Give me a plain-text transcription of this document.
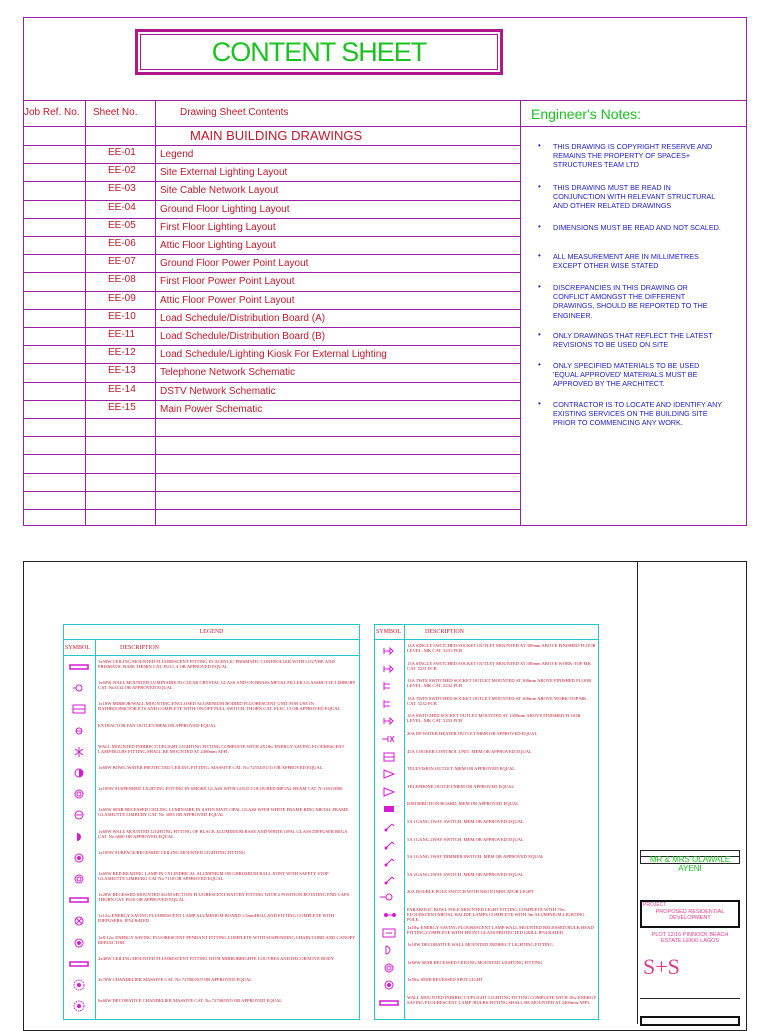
CONTENT SHEET
Job Ref. No.	Sheet No.	Drawing Sheet Contents
MAIN BUILDING DRAWINGS
EE-01 Legend
EE-02 Site External Lighting Layout
EE-03 Site Cable Network Layout
EE-04 Ground Floor Lighting Layout
EE-05 First Floor Lighting Layout
EE-06 Attic Floor Lighting Layout
EE-07 Ground Floor Power Point Layout
EE-08 First Floor Power Point Layout
EE-09 Attic Floor Power Point Layout
EE-10 Load Schedule/Distribution Board (A)
EE-11 Load Schedule/Distribution Board (B)
EE-12 Load Schedule/Lighting Kiosk For External Lighting
EE-13 Telephone Network Schematic
EE-14 DSTV Network Schematic
EE-15 Main Power Schematic
Engineer's Notes:
• THIS DRAWING IS COPYRIGHT RESERVE AND REMAINS THE PROPERTY OF SPACES+ STRUCTURES TEAM LTD
• THIS DRAWING MUST BE READ IN CONJUNCTION WITH RELEVANT STRUCTURAL AND OTHER RELATED DRAWINGS
• DIMENSIONS MUST BE READ AND NOT SCALED.
• ALL MEASUREMENT ARE IN MILLIMETRES EXCEPT OTHER WISE STATED
• DISCREPANCIES IN THIS DRAWING OR CONFLICT AMONGST THE DIFFERENT DRAWINGS, SHOULD BE REPORTED TO THE ENGINEER.
• ONLY DRAWINGS THAT REFLECT THE LATEST REVISIONS TO BE USED ON SITE
• ONLY SPECIFIED MATERIALS TO BE USED 'EQUAL APPROVED' MATERIALS MUST BE APPROVED BY THE ARCHITECT.
• CONTRACTOR IS TO LOCATE AND IDENTIFY ANY EXISTING SERVICES ON THE BUILDING SITE PRIOR TO COMMENCING ANY WORK.
LEGEND
SYMBOL	DESCRIPTION
SYMBOL	DESCRIPTION
1x58W CEILING MOUNTED FLUORESCENT FITTING IN ACRYLIC PRISMATIC CONTROLLER WITH LOUVRE AND PRISMATIC BASE THORN CAT. FULL 4 OR APPROVED EQUAL
1x60W WALL MOUNTED LUMINAIRE IN CLEAR CRYSTAL GLASS AND ON BRASS METAL FILLER GLASSHUTTE LIMBURY CAT. No3132 OR APPROVED EQUAL
1x18W MIRROR/WALL MOUNTING ENCLOSED ALUMINIUM BODIED FLUORESCENT UNIT FOR USE IN BATHROOMS/TOILETS AND COMPLETE WITH ON/OFF PULL SWITCH. THORN CAT. FLEC 13 OR APPROVED EQUAL
EXTRACTOR FAN OUTLET/MEM OR APPROVED EQUAL
WALL MOUNTED INDIRECT/UPLIGHT LIGHTING FITTING COMPLETE WITH 2X18w ENERGY SAVING FLOURESCENT LAMP/BULBS FITTING,SHALL BE MOUNTED AT 2400mm AFFL
1x60W BOWL/WATER PROTECTED CEILING FITTING. MASSIVE CAT. No 72554/01/31 OR APPROVED EQUAL
1x100W SUSPENDED LIGHTING FITTING IN SMOKE GLASS WITH GOLD COLOURED METAL BEAM CAT. N-1163.0000
1x60W SEMI-RECESSED CEILING LUMINAIRE IN SATIN MATT OPAL GLASS WITH WHITE FRAME RING METAL FRAME. GLASHUTTE LIMBURY CAT. No 3083 OR APPROVED EQUAL
1x60W WALL MOUNTED LIGHTING FITTING OF BLACK ALUMINIUM BASE AND WHITE OPAL GLASS DIFFUSER REGA CAT. No 6600 OR APPROVED EQUAL
1x100W SURFACE/RECESSED CEILING MOUNTED LIGHTING FITTING
1x60W BED READING LAMP IN CYLINDRICAL ALUMINIUM OR CHROMIUM BALL JOINT WITH SAFETY STOP GLASHUTTE LIMBURG CAT No 7118 OR APPROVED EQUAL
1x20W RECESSED MOUNTED SLIM SECTION FLUORESCENT BATTEN FITTING WITH 2 POSITION ROTATING END CAPS THORN CAT. FS10 OR APPROVED EQUAL
1x12w ENERGY SAVING FLUORESCENT LAMP ALUMINIUM BOARD 1.5mmHOLLAND FITTING COMPLETE WITH DIFFUSERS, IP54 RATED
1x8/12w ENERGY SAVING FLUORESCENT PENDANT FITTING COMPLETE WITH SUSPENDING CHAIN/CORD AND CANOPY REFLECTOR.
2x40W CEILING MOUNTED FLUORESCENT FITTING WITH MIRROBRIGHTE LOUVRES AND DECORATIVE BODY
3x70W CHANDELIER MASSIVE CAT. No 72708/05/9 OR APPROVED EQUAL
6x60W DECORATIVE CHANDELIER MASSIVE CAT. No 72708/05/9 OR APPROVED EQUAL
13A SINGLE SWITCHED SOCKET OUTLET MOUNTED AT 300mm ABOVE FINISHED FLOOR LEVEL. MK CAT. 5231 PCB
13A SINGLE SWITCHED SOCKET OUTLET MOUNTED AT 300mm ABOVE WORK-TOP MK CAT. 5231 PCB
13A TWIN SWITCHED SOCKET OUTLET MOUNTED AT 300mm ABOVE FINISHED FLOOR LEVEL. MK CAT. 5232 PCB
13A TWIN SWITCHED SOCKET OUTLET MOUNTED AT 300mm ABOVE WORK-TOP MK CAT. 5232 PCB
15A SWITCHED SOCKET OUTLET MOUNTED AT 1500mm ABOVE FINISHED FLOOR LEVEL. MK CAT. 5233 PCB
20A DP WATER HEATER OUTLET/MEM OR APPROVED EQUAL
45A COOKER CONTROL UNIT. MEM OR APPROVED EQUAL
TELEVISION OUTLET. MEM OR APPROVED EQUAL
TELEPHONE OUTLET/MEM OR APPROVED EQUAL
DISTRIBUTION BOARD. MEM OR APPROVED EQUAL
5A 1GANG 1WAY SWITCH. MEM OR APPROVED EQUAL
5A 1GANG 2WAY SWITCH. MEM OR APPROVED EQUAL
5A 1GANG 1WAY DIMMER SWITCH. MEM OR APPROVED EQUAL
5A 2GANG 2WAY SWITCH. MEM OR APPROVED EQUAL
20A DOUBLE POLE SWITCH WITH NEON INDICATOR LIGHT
PARABOLIC BOWL POLE MOUNTED LIGHT FITTING COMPLETE WITH 70w FLOURSCENT/METAL HALIDE LAMPS COMPLETE WITH 3m ALUMINIUM LIGHTING POLE.
1x18w ENERGY SAVING FLOURESCENT LAMP WALL MOUNTED RECESSED BULK HEAD FITTING,COMPLETE WITH FRONT GLASS PROTECTED GRILL IP54 RATED
1x18W DECORATIVE WALL MOUNTED INDIRECT LIGHTING FITTING
1x60W SEMI RECESSED CEILING MOUNTED LIGHTING FITTING
1x50w SEMI RECESSED SPOT LIGHT
WALL MOUNTED INDIRECT/UPLIGHT LIGHTING FITTING COMPLETE WITH 18w ENERGY SAVING FLOURESCENT LAMP /BULBS FITTING,SHALL BE MOUNTED AT 2400mm AFFL
MR & MRS OLAWALE AYENI
PROJECT
PROPOSED RESIDENTIAL DEVELOPMENT
PLOT 12/16 PINNOCK BEACH ESTATE LEKKI LAGOS
S+S
